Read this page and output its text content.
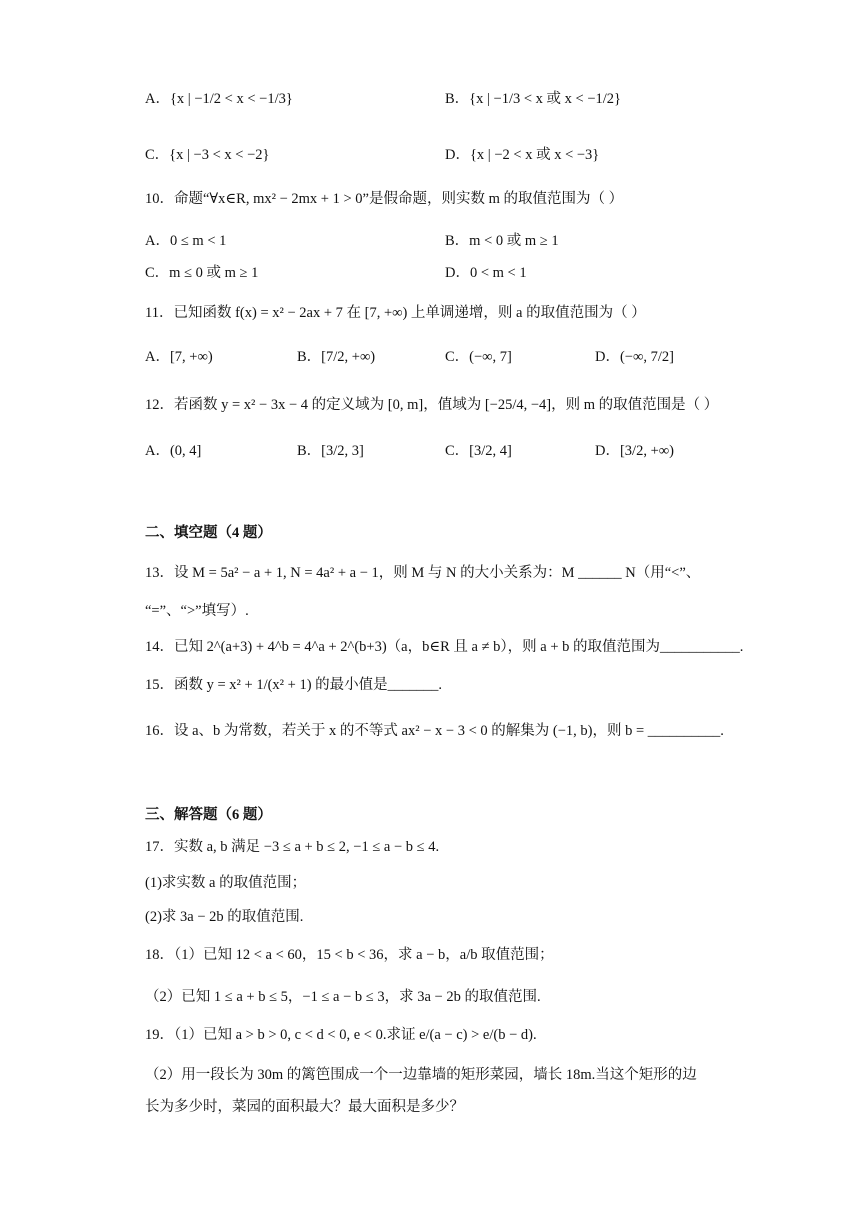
A．{x | −1/2 < x < −1/3}	B．{x | −1/3 < x 或 x < −1/2}
C．{x | −3 < x < −2}	D．{x | −2 < x 或 x < −3}
10．命题“∀x∈R, mx² − 2mx + 1 > 0”是假命题，则实数 m 的取值范围为（ ）
A．0 ≤ m < 1	B．m < 0 或 m ≥ 1
C．m ≤ 0 或 m ≥ 1	D．0 < m < 1
11．已知函数 f(x) = x² − 2ax + 7 在 [7, +∞) 上单调递增，则 a 的取值范围为（ ）
A．[7, +∞)	B．[7/2, +∞)	C．(−∞, 7]	D．(−∞, 7/2]
12．若函数 y = x² − 3x − 4 的定义域为 [0, m]，值域为 [−25/4, −4]，则 m 的取值范围是（ ）
A．(0, 4]	B．[3/2, 3]	C．[3/2, 4]	D．[3/2, +∞)
二、填空题（4 题）
13．设 M = 5a² − a + 1, N = 4a² + a − 1，则 M 与 N 的大小关系为：M ______ N（用“<”、
“=”、“>”填写）.
14．已知 2^(a+3) + 4^b = 4^a + 2^(b+3)（a，b∈R 且 a ≠ b），则 a + b 的取值范围为___________.
15．函数 y = x² + 1/(x² + 1) 的最小值是_______.
16．设 a、b 为常数，若关于 x 的不等式 ax² − x − 3 < 0 的解集为 (−1, b)，则 b = __________.
三、解答题（6 题）
17．实数 a, b 满足 −3 ≤ a + b ≤ 2, −1 ≤ a − b ≤ 4.
(1)求实数 a 的取值范围；
(2)求 3a − 2b 的取值范围.
18．（1）已知 12 < a < 60，15 < b < 36，求 a − b，a/b 取值范围；
（2）已知 1 ≤ a + b ≤ 5，−1 ≤ a − b ≤ 3，求 3a − 2b 的取值范围.
19．（1）已知 a > b > 0, c < d < 0, e < 0.求证 e/(a − c) > e/(b − d).
（2）用一段长为 30m 的篱笆围成一个一边靠墙的矩形菜园，墙长 18m.当这个矩形的边
长为多少时，菜园的面积最大？最大面积是多少？
